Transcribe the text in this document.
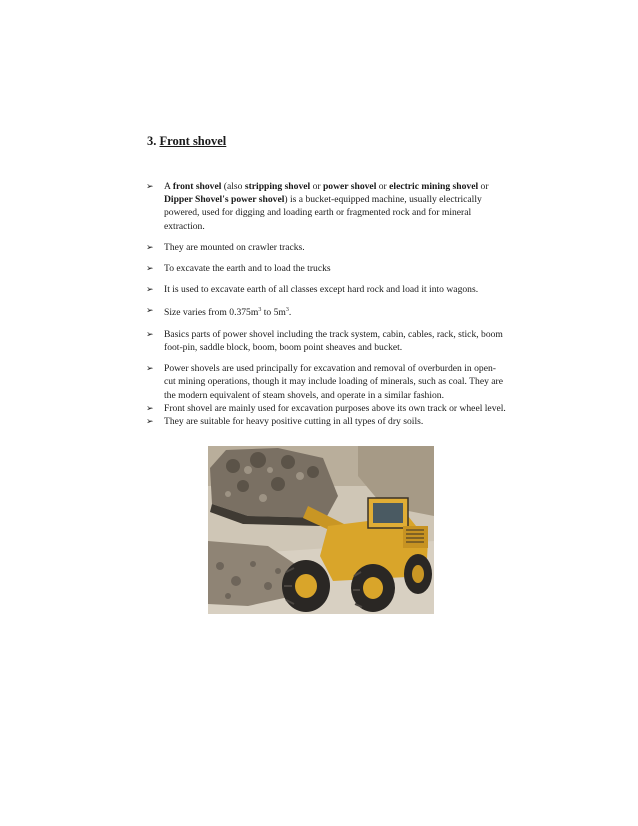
3. Front shovel
➢ A front shovel (also stripping shovel or power shovel or electric mining shovel or Dipper Shovel's power shovel) is a bucket-equipped machine, usually electrically powered, used for digging and loading earth or fragmented rock and for mineral extraction.
➢ They are mounted on crawler tracks.
➢ To excavate the earth and to load the trucks
➢ It is used to excavate earth of all classes except hard rock and load it into wagons.
➢ Size varies from $0.375m^3$ to $5m^3$.
➢ Basics parts of power shovel including the track system, cabin, cables, rack, stick, boom foot-pin, saddle block, boom, boom point sheaves and bucket.
➢ Power shovels are used principally for excavation and removal of overburden in open-cut mining operations, though it may include loading of minerals, such as coal. They are the modern equivalent of steam shovels, and operate in a similar fashion.
➢ Front shovel are mainly used for excavation purposes above its own track or wheel level.
➢ They are suitable for heavy positive cutting in all types of dry soils.
